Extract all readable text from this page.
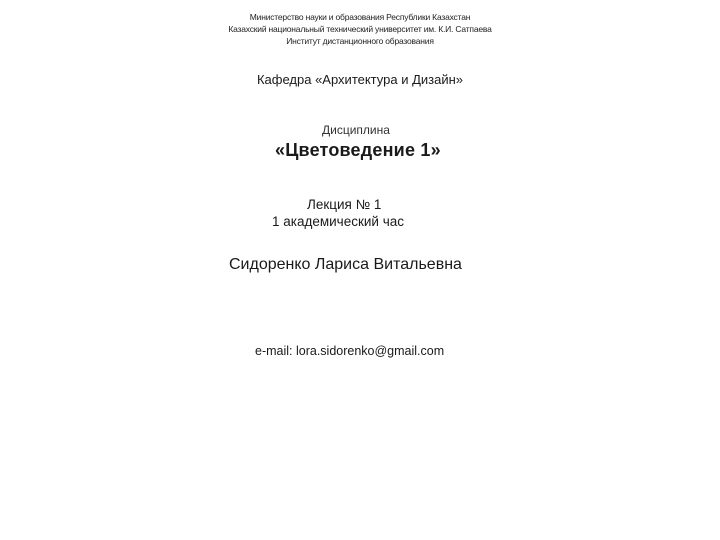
Министерство науки и образования Республики Казахстан
Казахский национальный технический университет им. К.И. Сатпаева
Институт дистанционного образования
Кафедра «Архитектура и Дизайн»
Дисциплина
«Цветоведение 1»
Лекция № 1
1 академический час
Сидоренко Лариса Витальевна
e-mail: lora.sidorenko@gmail.com
